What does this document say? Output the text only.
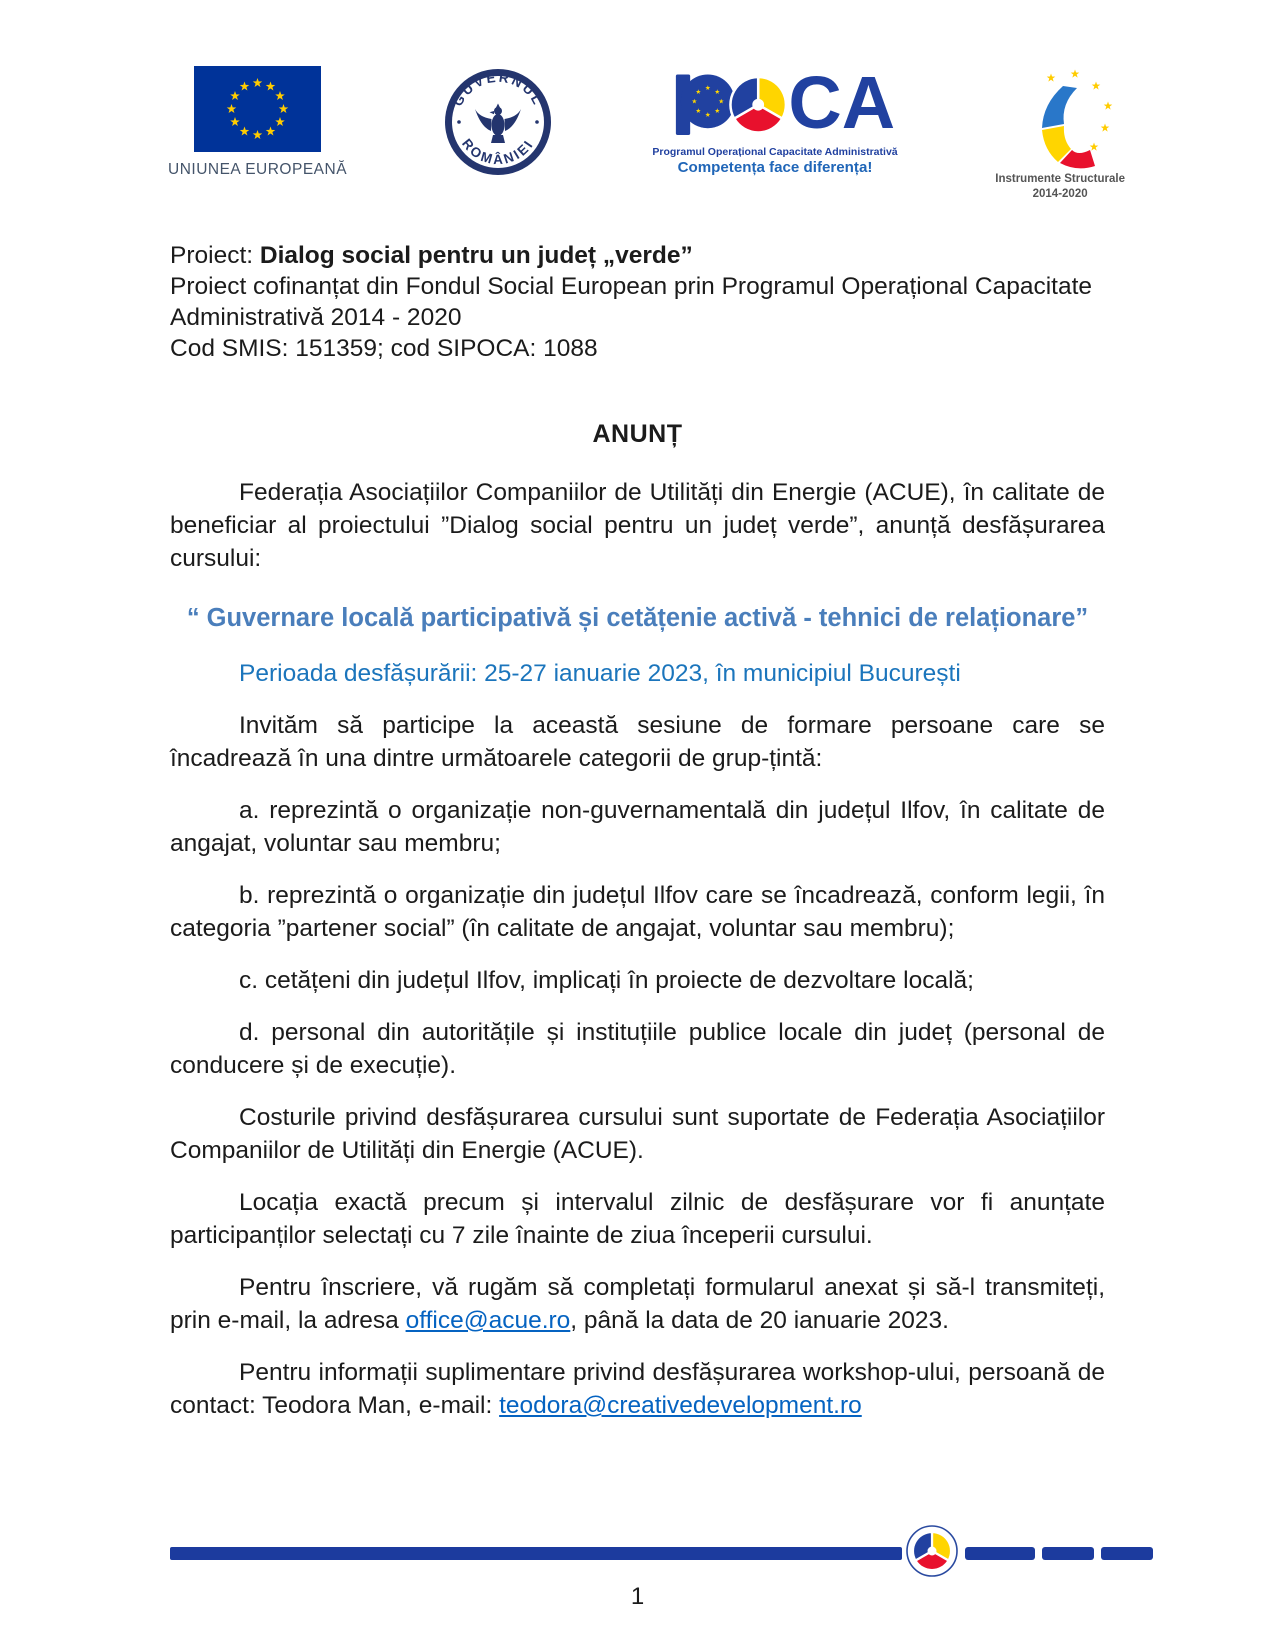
UNIUNEA EUROPEANĂ
GUVERNUL
ROMÂNIEI	CA
Programul Operațional Capacitate Administrativă
Competența face diferența!
Instrumente Structurale
2014-2020
Proiect: Dialog social pentru un județ „verde”
Proiect cofinanțat din Fondul Social European prin Programul Operațional Capacitate Administrativă 2014 - 2020
Cod SMIS: 151359; cod SIPOCA: 1088
ANUNȚ

Federația Asociațiilor Companiilor de Utilități din Energie (ACUE), în calitate de beneficiar al proiectului ”Dialog social pentru un județ verde”, anunță desfășurarea cursului:

“ Guvernare locală participativă și cetățenie activă - tehnici de relaționare”

Perioada desfășurării: 25-27 ianuarie 2023, în municipiul București

Invităm să participe la această sesiune de formare persoane care se încadrează în una dintre următoarele categorii de grup-țintă:

a. reprezintă o organizație non-guvernamentală din județul Ilfov, în calitate de angajat, voluntar sau membru;

b. reprezintă o organizație din județul Ilfov care se încadrează, conform legii, în categoria ”partener social” (în calitate de angajat, voluntar sau membru);

c. cetățeni din județul Ilfov, implicați în proiecte de dezvoltare locală;

d. personal din autoritățile și instituțiile publice locale din județ (personal de conducere și de execuție).

Costurile privind desfășurarea cursului sunt suportate de Federația Asociațiilor Companiilor de Utilități din Energie (ACUE).

Locația exactă precum și intervalul zilnic de desfășurare vor fi anunțate participanților selectați cu 7 zile înainte de ziua începerii cursului.

Pentru înscriere, vă rugăm să completați formularul anexat și să-l transmiteți, prin e-mail, la adresa office@acue.ro, până la data de 20 ianuarie 2023.

Pentru informații suplimentare privind desfășurarea workshop-ului, persoană de contact: Teodora Man, e-mail: teodora@creativedevelopment.ro

1
